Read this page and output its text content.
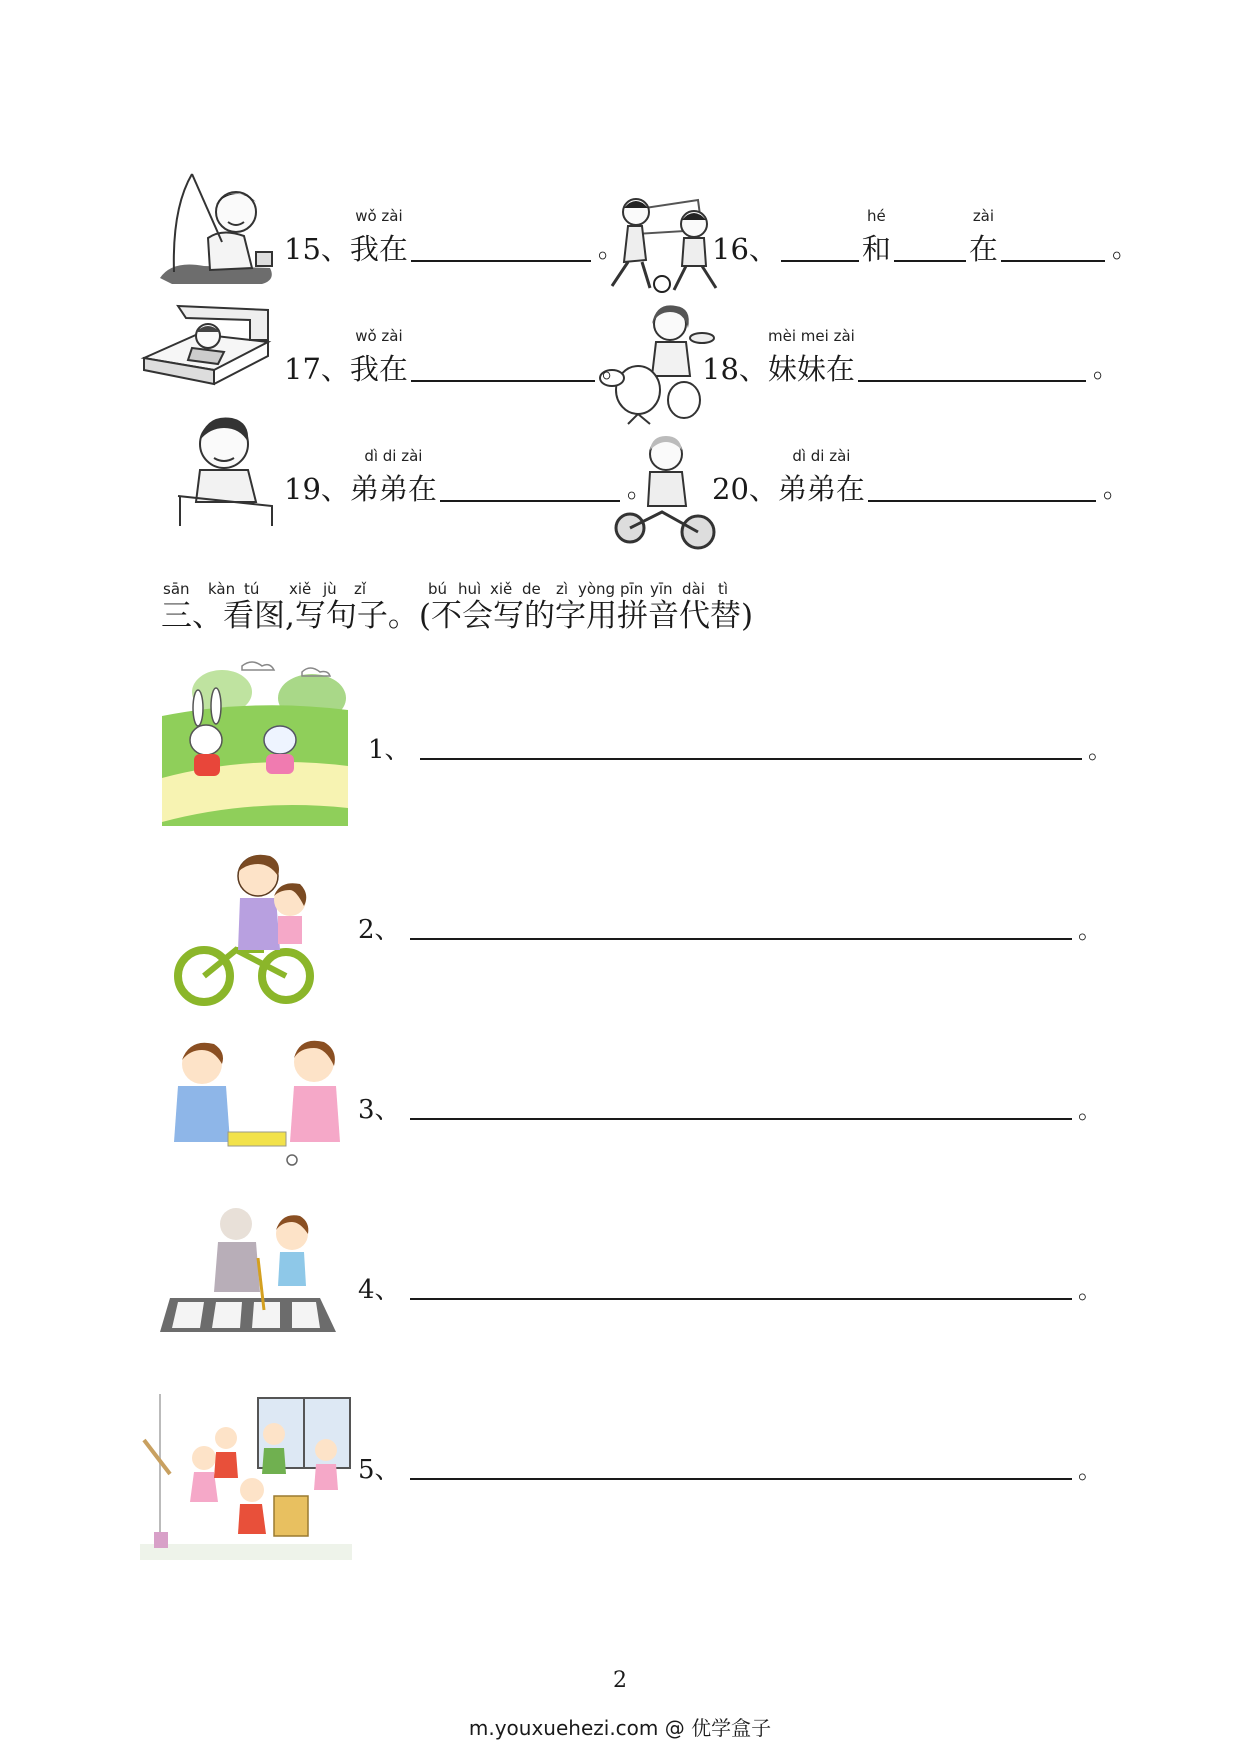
15、
wǒ zài
我在	。	16、
hé
和
zài
在	。
17、
wǒ zài
我在	。	18、
mèi mei zài
妹妹在	。
19、
dì di zài
弟弟在	。 20、
dì di zài
弟弟在	。
sān kàn tú xiě jù zǐ	bú huì xiě de zì yòng pīn yīn dài tì
三、看图,写句子。(不会写的字用拼音代替)
1、	。
2、	。
3、	。
4、	。
5、	。
2
m.youxuehezi.com @ 优学盒子
